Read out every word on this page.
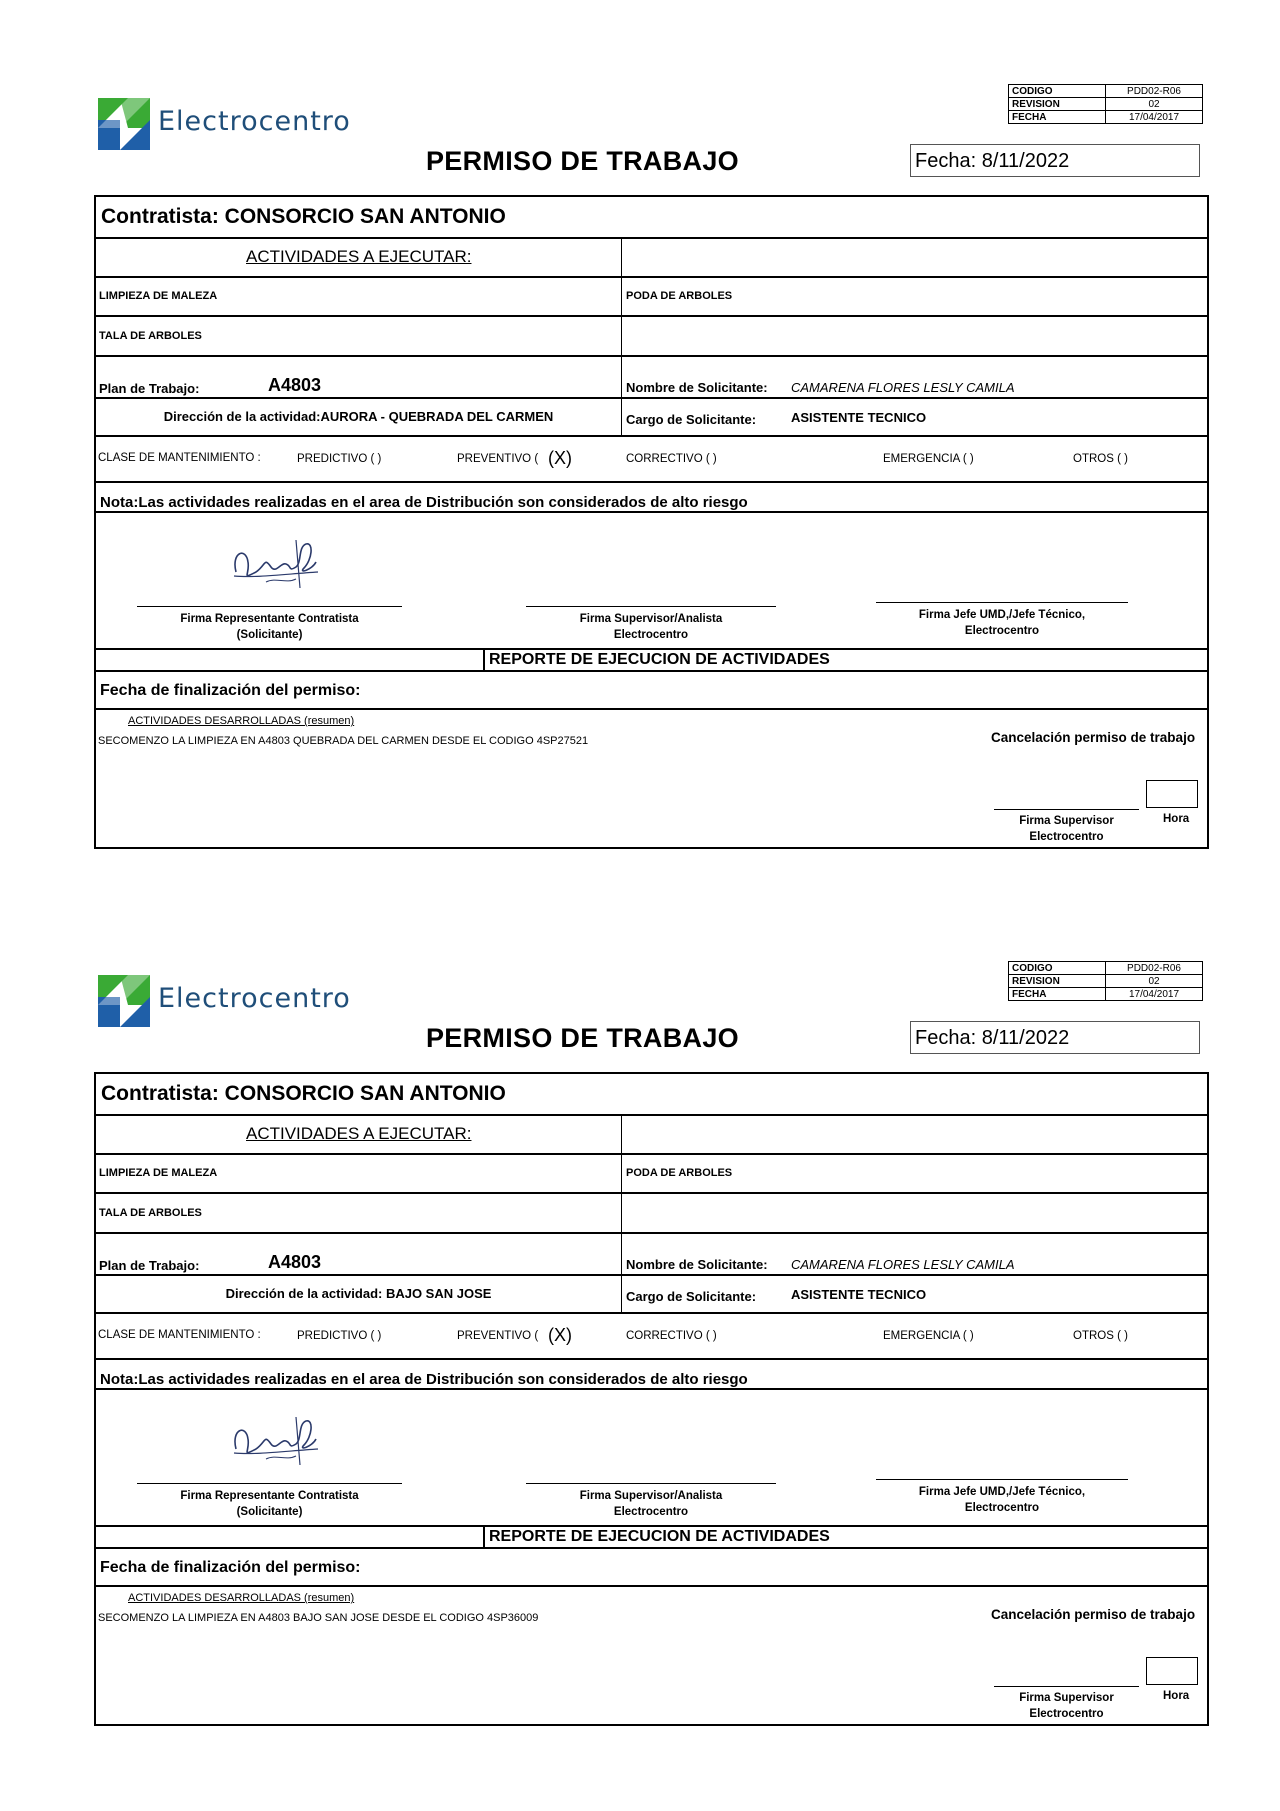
Electrocentro
CODIGO	PDD02-R06
REVISION	02
FECHA	17/04/2017
PERMISO DE TRABAJO	Fecha: 8/11/2022
Contratista: CONSORCIO SAN ANTONIO
ACTIVIDADES A EJECUTAR:
LIMPIEZA DE MALEZA	PODA DE ARBOLES
TALA DE ARBOLES
Plan de Trabajo:	A4803	Nombre de Solicitante: CAMARENA FLORES LESLY CAMILA
Dirección de la actividad:AURORA - QUEBRADA DEL CARMEN	Cargo de Solicitante:	ASISTENTE TECNICO
CLASE DE MANTENIMIENTO :	PREDICTIVO ( )	PREVENTIVO ( (X)	CORRECTIVO ( )	EMERGENCIA ( )	OTROS ( )
Nota:Las actividades realizadas en el area de Distribución son considerados de alto riesgo
Firma Representante Contratista
(Solicitante)
Firma Supervisor/Analista
Electrocentro
Firma Jefe UMD,/Jefe Técnico,
Electrocentro
REPORTE DE EJECUCION DE ACTIVIDADES
Fecha de finalización del permiso:
ACTIVIDADES DESARROLLADAS (resumen)
SECOMENZO LA LIMPIEZA EN A4803 QUEBRADA DEL CARMEN DESDE EL CODIGO 4SP27521	Cancelación permiso de trabajo
Firma Supervisor
Electrocentro
Hora
Electrocentro
CODIGO	PDD02-R06
REVISION	02
FECHA	17/04/2017
PERMISO DE TRABAJO	Fecha: 8/11/2022
Contratista: CONSORCIO SAN ANTONIO
ACTIVIDADES A EJECUTAR:
LIMPIEZA DE MALEZA	PODA DE ARBOLES
TALA DE ARBOLES
Plan de Trabajo:	A4803	Nombre de Solicitante: CAMARENA FLORES LESLY CAMILA
Dirección de la actividad: BAJO SAN JOSE	Cargo de Solicitante:	ASISTENTE TECNICO
CLASE DE MANTENIMIENTO :	PREDICTIVO ( )	PREVENTIVO ( (X)	CORRECTIVO ( )	EMERGENCIA ( )	OTROS ( )
Nota:Las actividades realizadas en el area de Distribución son considerados de alto riesgo
Firma Representante Contratista
(Solicitante)
Firma Supervisor/Analista
Electrocentro
Firma Jefe UMD,/Jefe Técnico,
Electrocentro
REPORTE DE EJECUCION DE ACTIVIDADES
Fecha de finalización del permiso:
ACTIVIDADES DESARROLLADAS (resumen)
SECOMENZO LA LIMPIEZA EN A4803 BAJO SAN JOSE DESDE EL CODIGO 4SP36009	Cancelación permiso de trabajo
Firma Supervisor
Electrocentro
Hora
